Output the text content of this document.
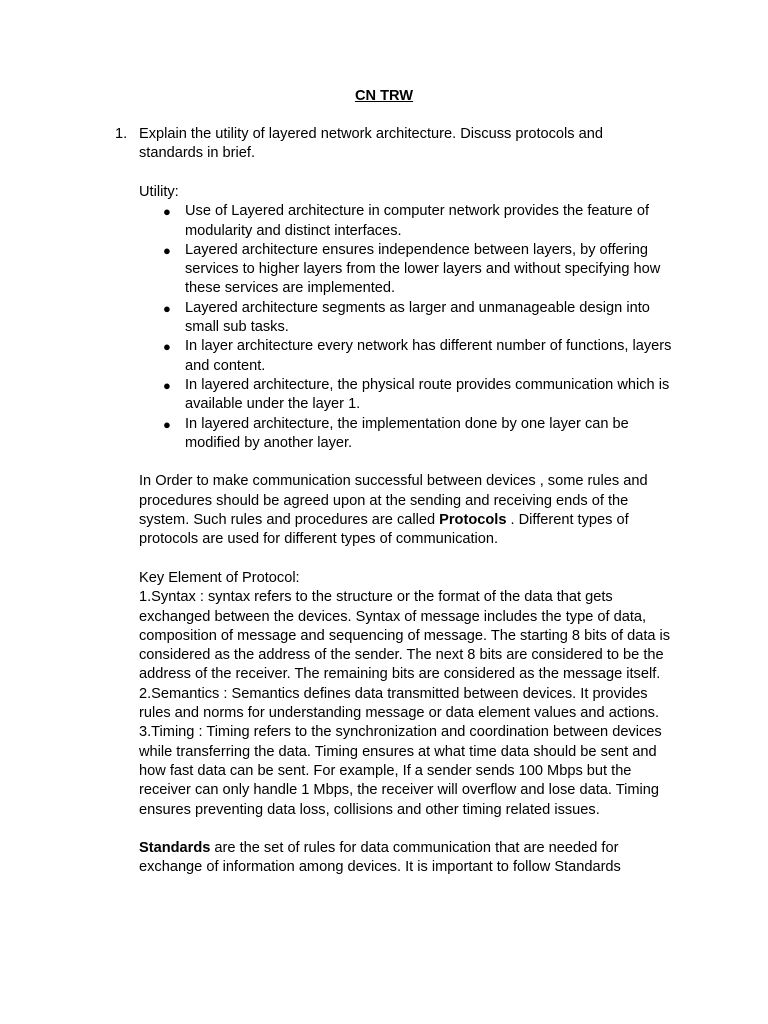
CN TRW
1. Explain the utility of layered network architecture. Discuss protocols and standards in brief.

Utility:

● Use of Layered architecture in computer network provides the feature of modularity and distinct interfaces.
● Layered architecture ensures independence between layers, by offering services to higher layers from the lower layers and without specifying how these services are implemented.
● Layered architecture segments as larger and unmanageable design into small sub tasks.
● In layer architecture every network has different number of functions, layers and content.
● In layered architecture, the physical route provides communication which is available under the layer 1.
● In layered architecture, the implementation done by one layer can be modified by another layer.

In Order to make communication successful between devices , some rules and procedures should be agreed upon at the sending and receiving ends of the system. Such rules and procedures are called Protocols . Different types of protocols are used for different types of communication.

Key Element of Protocol:

1.Syntax : syntax refers to the structure or the format of the data that gets exchanged between the devices. Syntax of message includes the type of data, composition of message and sequencing of message. The starting 8 bits of data is considered as the address of the sender. The next 8 bits are considered to be the address of the receiver. The remaining bits are considered as the message itself.

2.Semantics : Semantics defines data transmitted between devices. It provides rules and norms for understanding message or data element values and actions.

3.Timing : Timing refers to the synchronization and coordination between devices while transferring the data. Timing ensures at what time data should be sent and how fast data can be sent. For example, If a sender sends 100 Mbps but the receiver can only handle 1 Mbps, the receiver will overflow and lose data. Timing ensures preventing data loss, collisions and other timing related issues.

Standards are the set of rules for data communication that are needed for exchange of information among devices. It is important to follow Standards
